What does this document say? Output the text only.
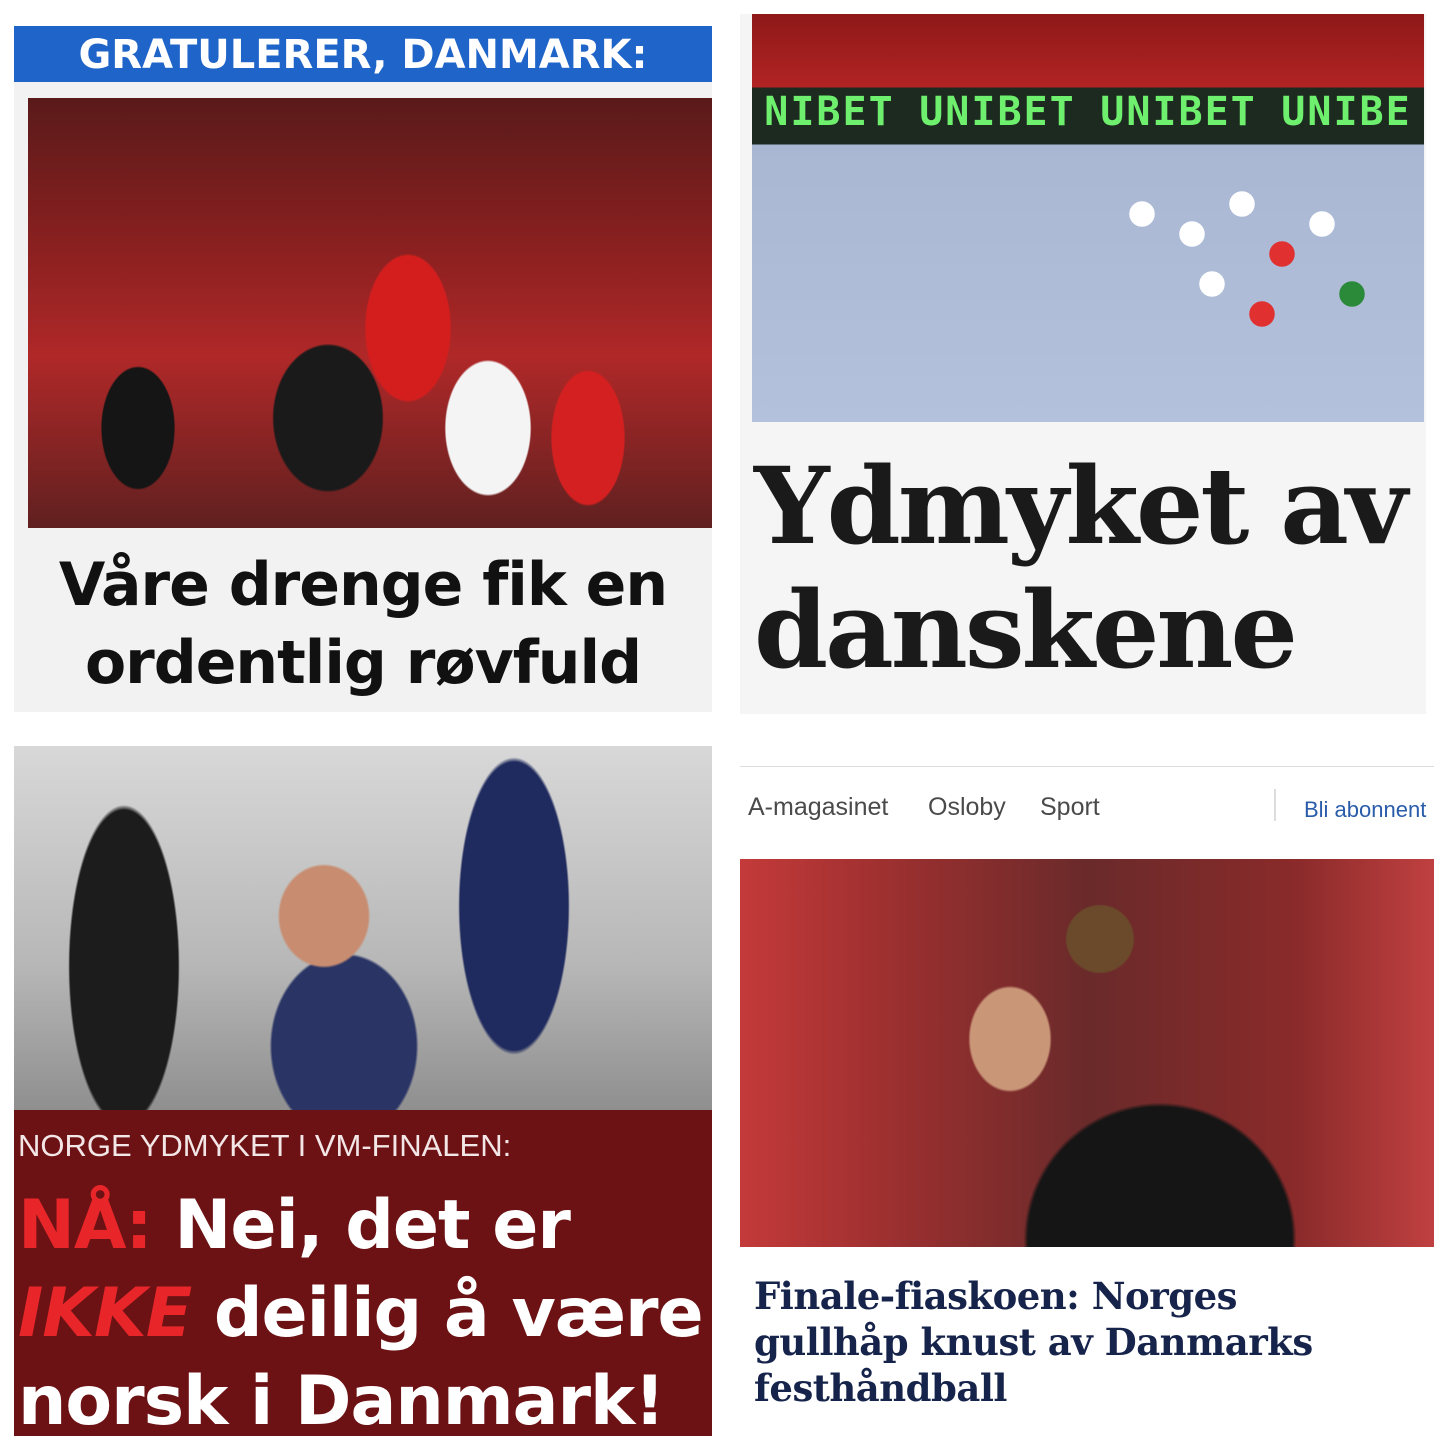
GRATULERER, DANMARK:
Våre drenge fik en
ordentlig røvfuld
NIBET UNIBET UNIBET UNIBE
Ydmyket av
danskene
NORGE YDMYKET I VM-FINALEN:
NÅ: Nei, det er
IKKE deilig å være
norsk i Danmark!
A-magasinet Osloby Sport	Bli abonnent
Finale-fiaskoen: Norges
gullhåp knust av Danmarks
festhåndball
